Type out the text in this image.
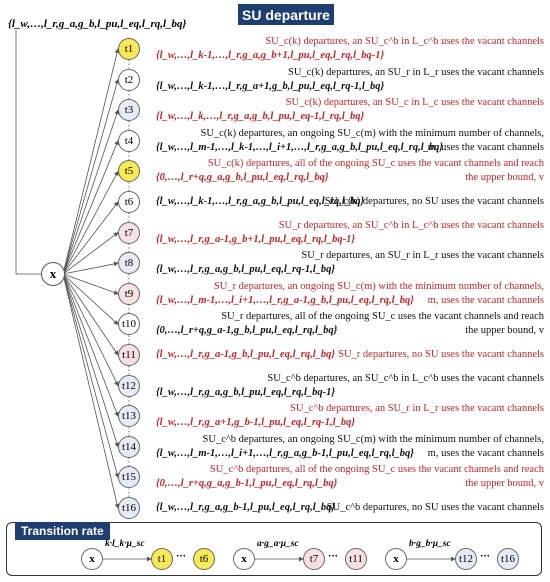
SU departure
{l_w,…,l_r,g_a,g_b,l_pu,l_eq,l_rq,l_bq}
x
t1
SU_c(k) departures, an SU_c^b in L_c^b uses the vacant channels
{l_w,…,l_k-1,…,l_r,g_a,g_b+1,l_pu,l_eq,l_rq,l_bq-1}
t2
SU_c(k) departures, an SU_r in L_r uses the vacant channels
{l_w,…,l_k-1,…,l_r,g_a+1,g_b,l_pu,l_eq,l_rq-1,l_bq}
t3
SU_c(k) departures, an SU_c in L_c uses the vacant channels
{l_w,…,l_k,…,l_r,g_a,g_b,l_pu,l_eq-1,l_rq,l_bq}
t4
SU_c(k) departures, an ongoing SU_c(m) with the minimum number of channels,
{l_w,…,l_m-1,…,l_k-1,…,l_i+1,…,l_r,g_a,g_b,l_pu,l_eq,l_rq,l_bq}
m, uses the vacant channels
t5
SU_c(k) departures, all of the ongoing SU_c uses the vacant channels and reach
{0,…,l_r+q,g_a,g_b,l_pu,l_eq,l_rq,l_bq}	the upper bound, v
t6	{l_w,…,l_k-1,…,l_r,g_a,g_b,l_pu,l_eq,l_rq,l_bq}
SU_c(k) departures, no SU uses the vacant channels
t7
SU_r departures, an SU_c^b in L_c^b uses the vacant channels
{l_w,…,l_r,g_a-1,g_b+1,l_pu,l_eq,l_rq,l_bq-1}
t8
SU_r departures, an SU_r in L_r uses the vacant channels
{l_w,…,l_r,g_a,g_b,l_pu,l_eq,l_rq-1,l_bq}
t9
SU_r departures, an ongoing SU_c(m) with the minimum number of channels,
{l_w,…,l_m-1,…,l_i+1,…,l_r,g_a-1,g_b,l_pu,l_eq,l_rq,l_bq} m, uses the vacant channels
t10
SU_r departures, all of the ongoing SU_c uses the vacant channels and reach
{0,…,l_r+q,g_a-1,g_b,l_pu,l_eq,l_rq,l_bq}	the upper bound, v
t11	{l_w,…,l_r,g_a-1,g_b,l_pu,l_eq,l_rq,l_bq} SU_r departures, no SU uses the vacant channels
t12
SU_c^b departures, an SU_c^b in L_c^b uses the vacant channels
{l_w,…,l_r,g_a,g_b,l_pu,l_eq,l_rq,l_bq-1}
t13
SU_c^b departures, an SU_r in L_r uses the vacant channels
{l_w,…,l_r,g_a+1,g_b-1,l_pu,l_eq,l_rq-1,l_bq}
t14
SU_c^b departures, an ongoing SU_c(m) with the minimum number of channels,
{l_w,…,l_m-1,…,l_i+1,…,l_r,g_a,g_b-1,l_pu,l_eq,l_rq,l_bq} m, uses the vacant channels
t15
SU_c^b departures, all of the ongoing SU_c uses the vacant channels and reach
{0,…,l_r+q,g_a,g_b-1,l_pu,l_eq,l_rq,l_bq}	the upper bound, v
t16	{l_w,…,l_r,g_a,g_b-1,l_pu,l_eq,l_rq,l_bq}
SU_c^b departures, no SU uses the vacant channels
Transition rate
x
k·l_k·μ_sc
t1 ···	t6	x
a·g_a·μ_sc
t7 ···	t11	x
b·g_b·μ_sc
t12 ··· t16
